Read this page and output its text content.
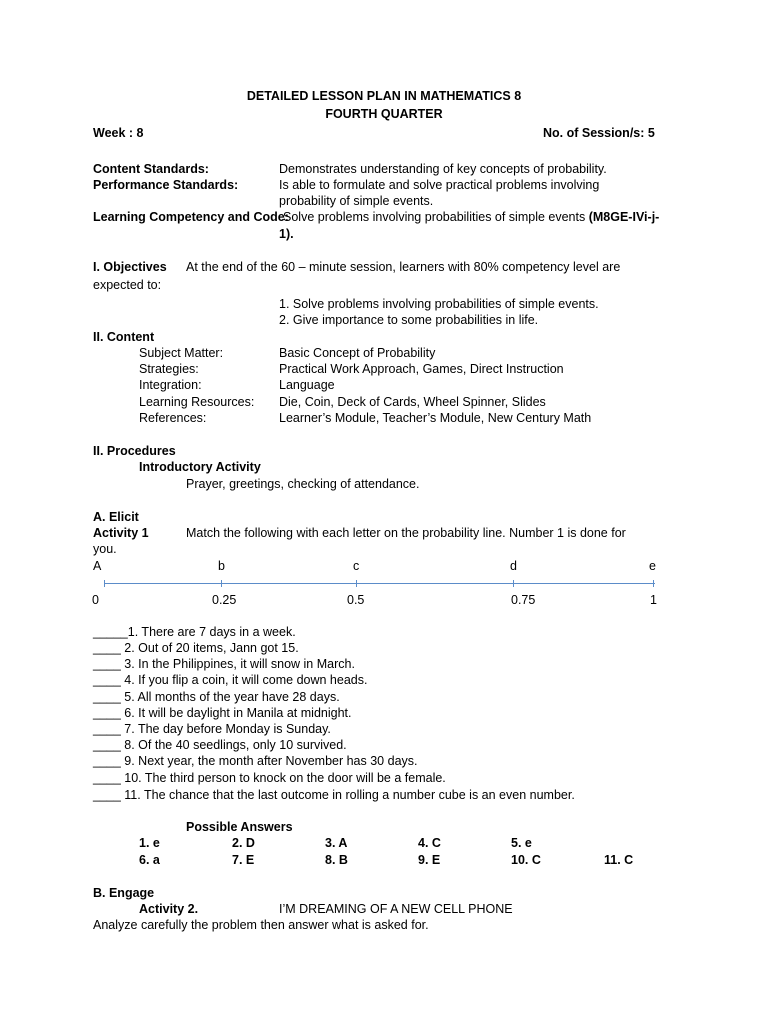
DETAILED LESSON PLAN IN MATHEMATICS 8
FOURTH QUARTER
Week : 8	No. of Session/s: 5
Content Standards:	Demonstrates understanding of key concepts of probability.
Performance Standards:	Is able to formulate and solve practical problems involving
probability of simple events.
Learning Competency and Code:
Solve problems involving probabilities of simple events (M8GE-IVi-j-
1).
I. Objectives At the end of the 60 – minute session, learners with 80% competency level are
expected to:
1. Solve problems involving probabilities of simple events.
2. Give importance to some probabilities in life.
II. Content
Subject Matter:	Basic Concept of Probability
Strategies:	Practical Work Approach, Games, Direct Instruction
Integration:	Language
Learning Resources: Die, Coin, Deck of Cards, Wheel Spinner, Slides
References:	Learner’s Module, Teacher’s Module, New Century Math
II. Procedures
Introductory Activity
Prayer, greetings, checking of attendance.
A. Elicit
Activity 1	Match the following with each letter on the probability line. Number 1 is done for
you.
A	b	c	d	e
0	0.25	0.5	0.75	1
_____1. There are 7 days in a week.
____ 2. Out of 20 items, Jann got 15.
____ 3. In the Philippines, it will snow in March.
____ 4. If you flip a coin, it will come down heads.
____ 5. All months of the year have 28 days.
____ 6. It will be daylight in Manila at midnight.
____ 7. The day before Monday is Sunday.
____ 8. Of the 40 seedlings, only 10 survived.
____ 9. Next year, the month after November has 30 days.
____ 10. The third person to knock on the door will be a female.
____ 11. The chance that the last outcome in rolling a number cube is an even number.
Possible Answers
1. e	2. D	3. A	4. C	5. e
6. a	7. E	8. B	9. E	10. C	11. C
B. Engage
Activity 2.	I’M DREAMING OF A NEW CELL PHONE
Analyze carefully the problem then answer what is asked for.
